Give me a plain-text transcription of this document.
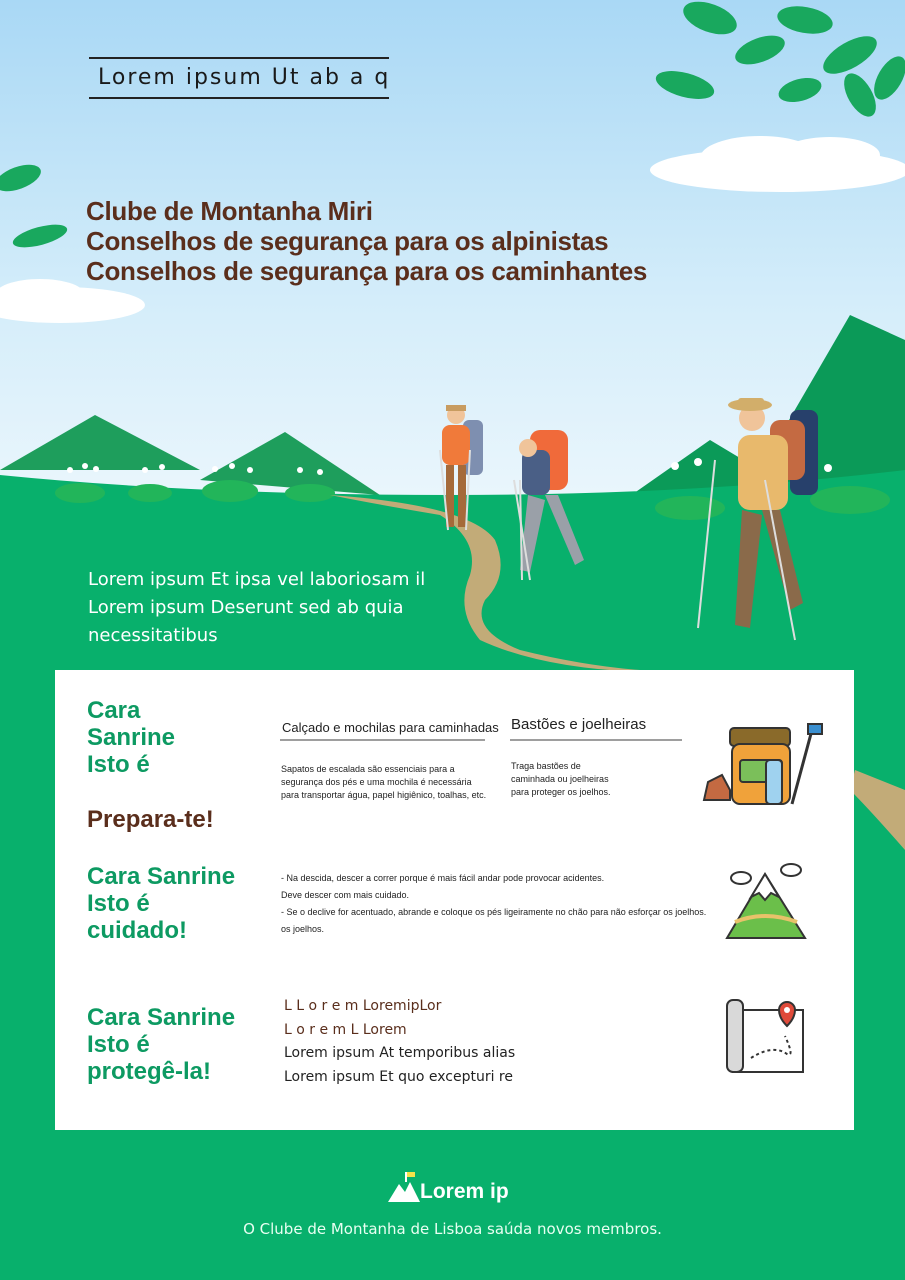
Lorem ipsum Ut ab a q
Clube de Montanha Miri
Conselhos de segurança para os alpinistas
Conselhos de segurança para os caminhantes
Lorem ipsum Et ipsa vel laboriosam il
Lorem ipsum Deserunt sed ab quia
necessitatibus
Cara
Sanrine
Isto é
Prepara-te!
Calçado e mochilas para caminhadas
Sapatos de escalada são essenciais para a
segurança dos pés e uma mochila é necessária
para transportar água, papel higiênico, toalhas, etc.
Bastões e joelheiras
Traga bastões de
caminhada ou joelheiras
para proteger os joelhos.
Cara Sanrine
Isto é
cuidado!
- Na descida, descer a correr porque é mais fácil andar pode provocar acidentes.
Deve descer com mais cuidado.
- Se o declive for acentuado, abrande e coloque os pés ligeiramente no chão para não esforçar os joelhos.
os joelhos.
Cara Sanrine
Isto é
protegê-la!
L L o r e m LoremipLor
L o r e m L Lorem
Lorem ipsum At temporibus alias
Lorem ipsum Et quo excepturi re
Lorem ip
O Clube de Montanha de Lisboa saúda novos membros.
